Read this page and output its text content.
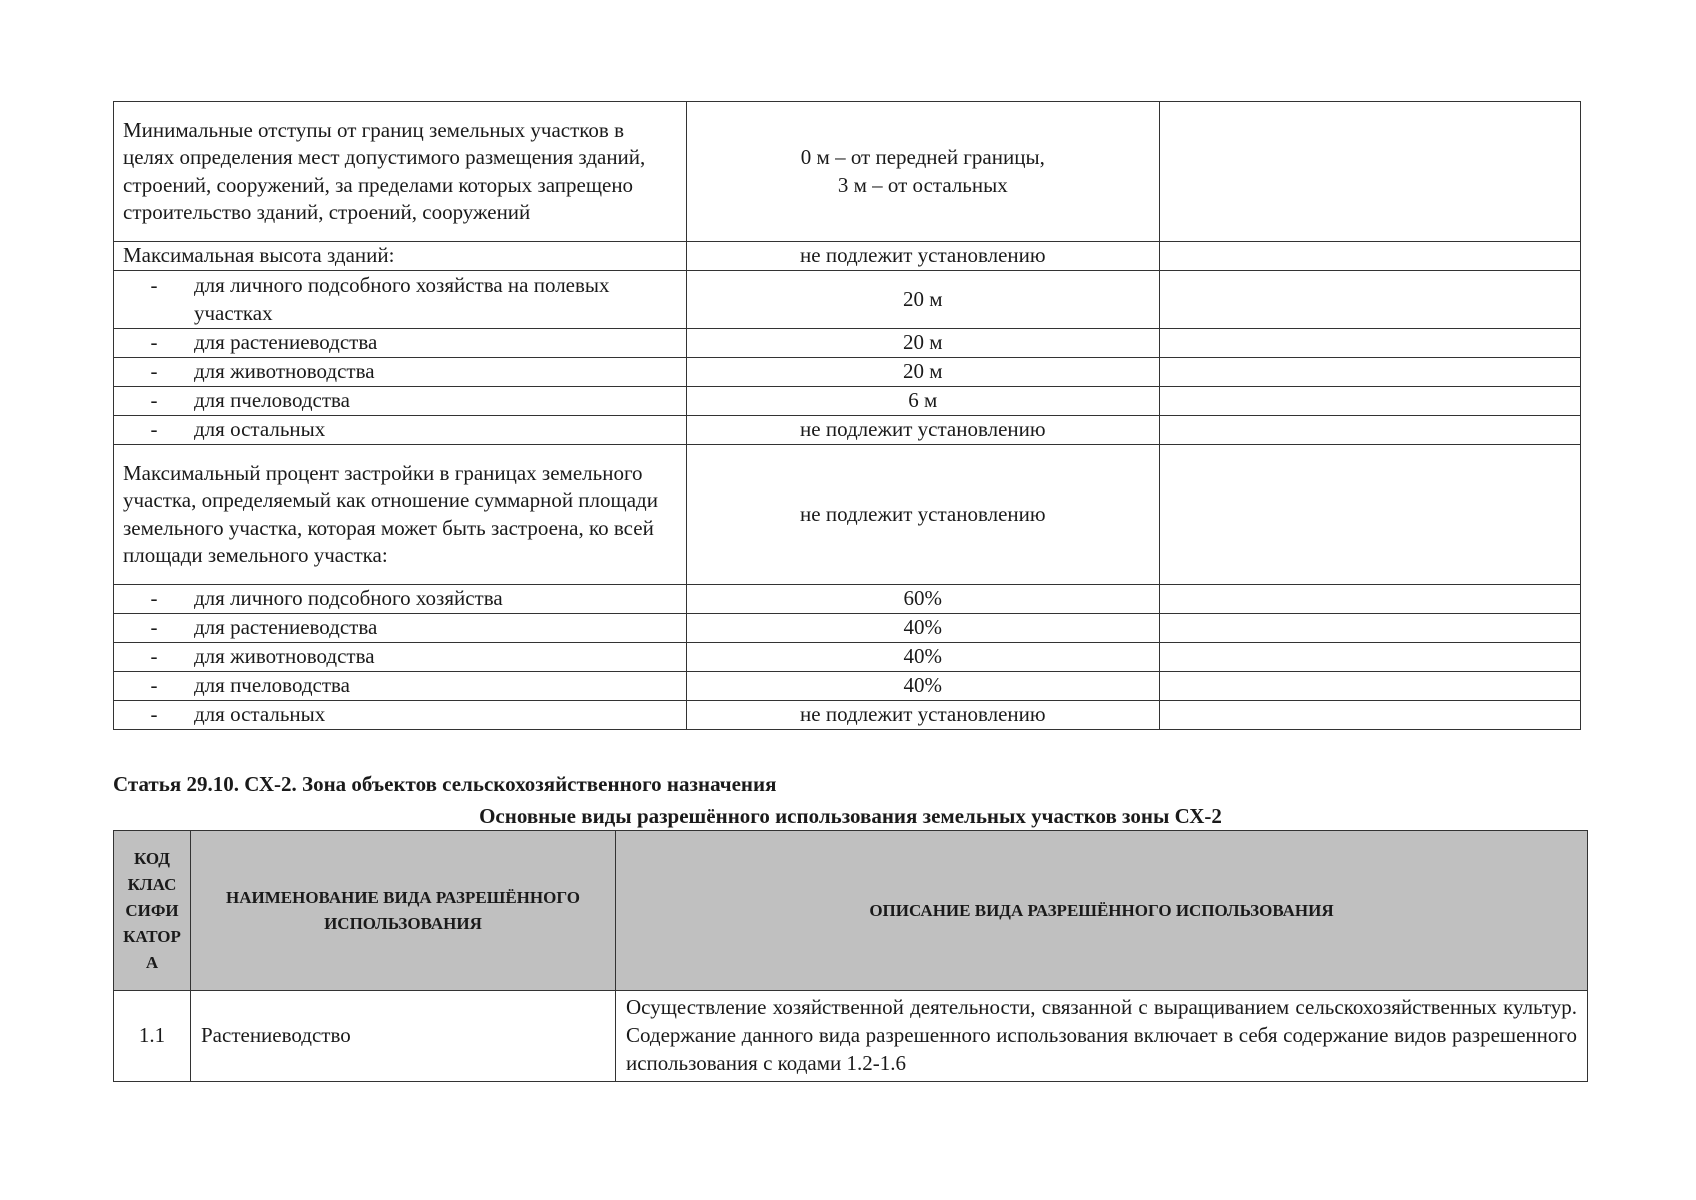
Минимальные отступы от границ земельных участков в целях определения мест допустимого размещения зданий, строений, сооружений, за пределами которых запрещено строительство зданий, строений, сооружений	0 м – от передней границы,
3 м – от остальных	
Максимальная высота зданий:	не подлежит установлению	

- для личного подсобного хозяйства на полевых участках	20 м	

- для растениеводства	20 м	

- для животноводства	20 м	

- для пчеловодства	6 м	

- для остальных	не подлежит установлению	
Максимальный процент застройки в границах земельного участка, определяемый как отношение суммарной площади земельного участка, которая может быть застроена, ко всей площади земельного участка:	не подлежит установлению	

- для личного подсобного хозяйства	60%	

- для растениеводства	40%	

- для животноводства	40%	

- для пчеловодства	40%	

- для остальных	не подлежит установлению	
Статья 29.10. СХ-2. Зона объектов сельскохозяйственного назначения
Основные виды разрешённого использования земельных участков зоны СХ-2
КОД КЛАС СИФИ КАТОР А	НАИМЕНОВАНИЕ ВИДА РАЗРЕШЁННОГО ИСПОЛЬЗОВАНИЯ	ОПИСАНИЕ ВИДА РАЗРЕШЁННОГО ИСПОЛЬЗОВАНИЯ
1.1	Растениеводство	Осуществление хозяйственной деятельности, связанной с выращиванием сельскохозяйственных культур. Содержание данного вида разрешенного использования включает в себя содержание видов разрешенного использования с кодами 1.2-1.6
